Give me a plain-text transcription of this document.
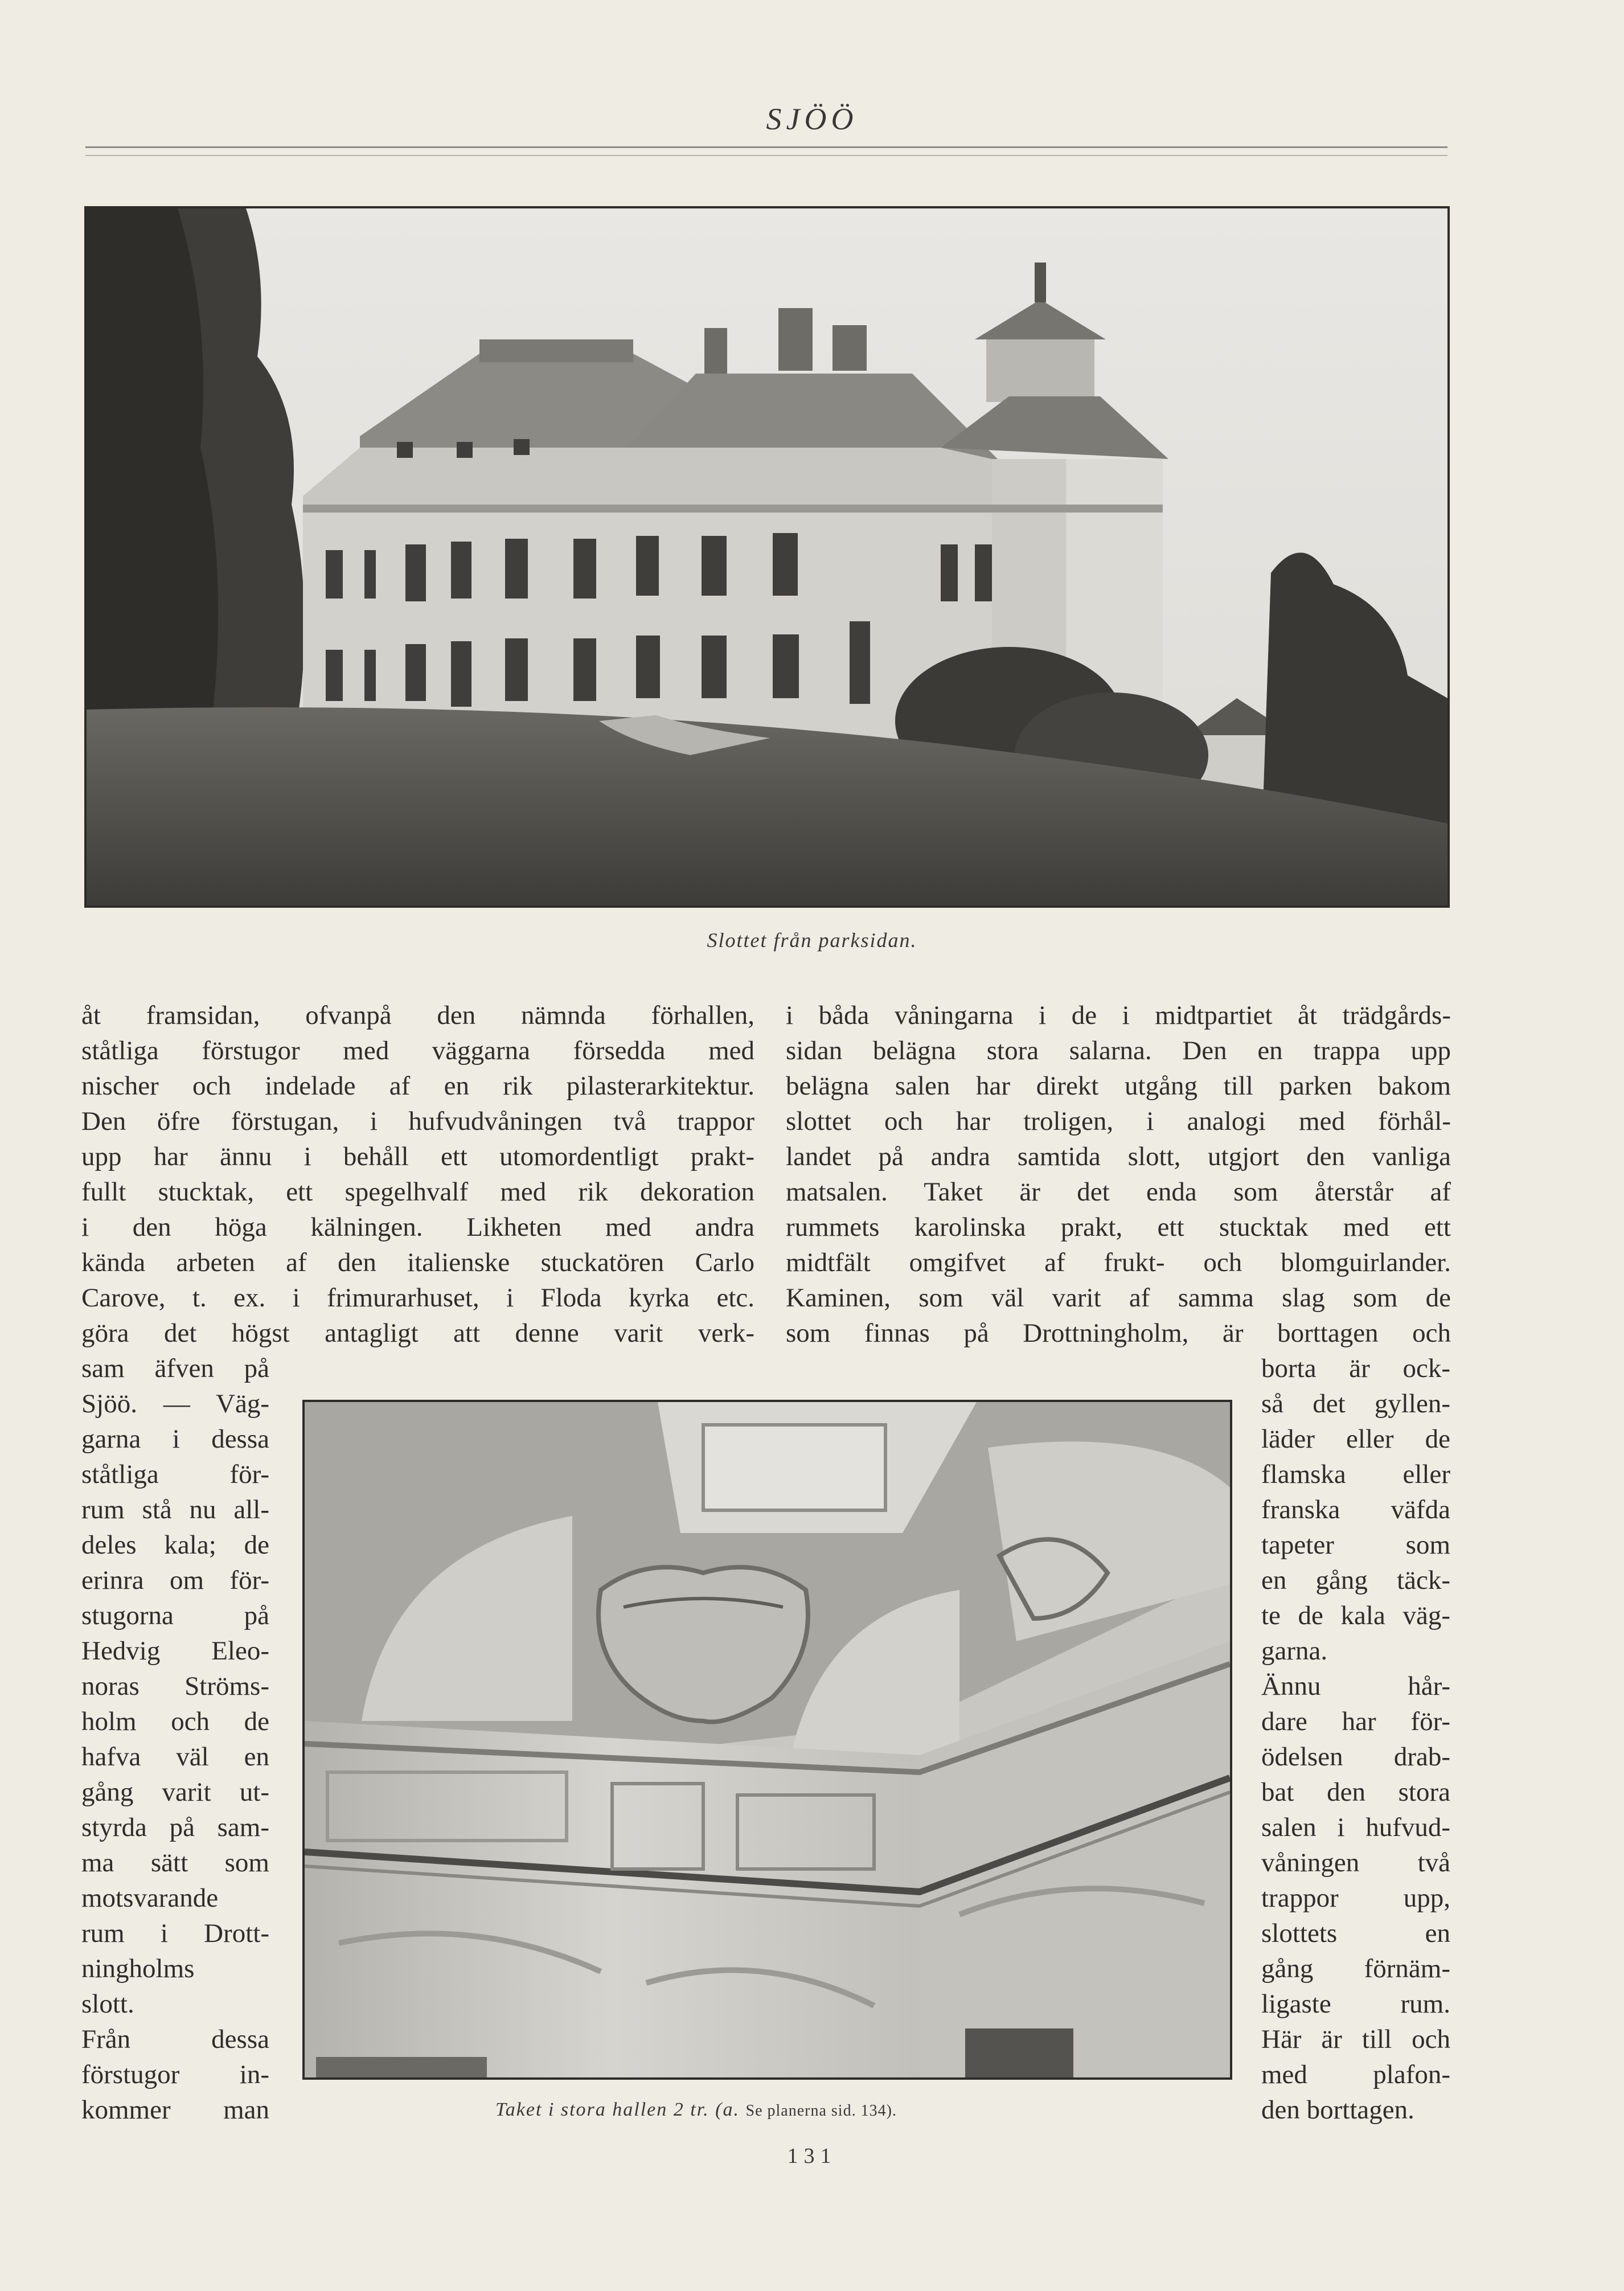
SJÖÖ
Slottet från parksidan.
åt framsidan, ofvanpå den nämnda förhallen,
ståtliga förstugor med väggarna försedda med
nischer och indelade af en rik pilasterarkitektur.
Den öfre förstugan, i hufvudvåningen två trappor
upp har ännu i behåll ett utomordentligt prakt-
fullt stucktak, ett spegelhvalf med rik dekoration
i den höga kälningen. Likheten med andra
kända arbeten af den italienske stuckatören Carlo
Carove, t. ex. i frimurarhuset, i Floda kyrka etc.
göra det högst antagligt att denne varit verk-
i båda våningarna i de i midtpartiet åt trädgårds-
sidan belägna stora salarna. Den en trappa upp
belägna salen har direkt utgång till parken bakom
slottet och har troligen, i analogi med förhål-
landet på andra samtida slott, utgjort den vanliga
matsalen. Taket är det enda som återstår af
rummets karolinska prakt, ett stucktak med ett
midtfält omgifvet af frukt- och blomguirlander.
Kaminen, som väl varit af samma slag som de
som finnas på Drottningholm, är borttagen och
sam äfven på
Sjöö. — Väg-
garna i dessa
ståtliga för-
rum stå nu all-
deles kala; de
erinra om för-
stugorna på
Hedvig Eleo-
noras Ströms-
holm och de
hafva väl en
gång varit ut-
styrda på sam-
ma sätt som
motsvarande
rum i Drott-
ningholms
slott.
Från dessa
förstugor in-
kommer man
borta är ock-
så det gyllen-
läder eller de
flamska eller
franska väfda
tapeter som
en gång täck-
te de kala väg-
garna.
Ännu hår-
dare har för-
ödelsen drab-
bat den stora
salen i hufvud-
våningen två
trappor upp,
slottets en
gång förnäm-
ligaste rum.
Här är till och
med plafon-
den borttagen.
Taket i stora hallen 2 tr. (a. Se planerna sid. 134).
131
